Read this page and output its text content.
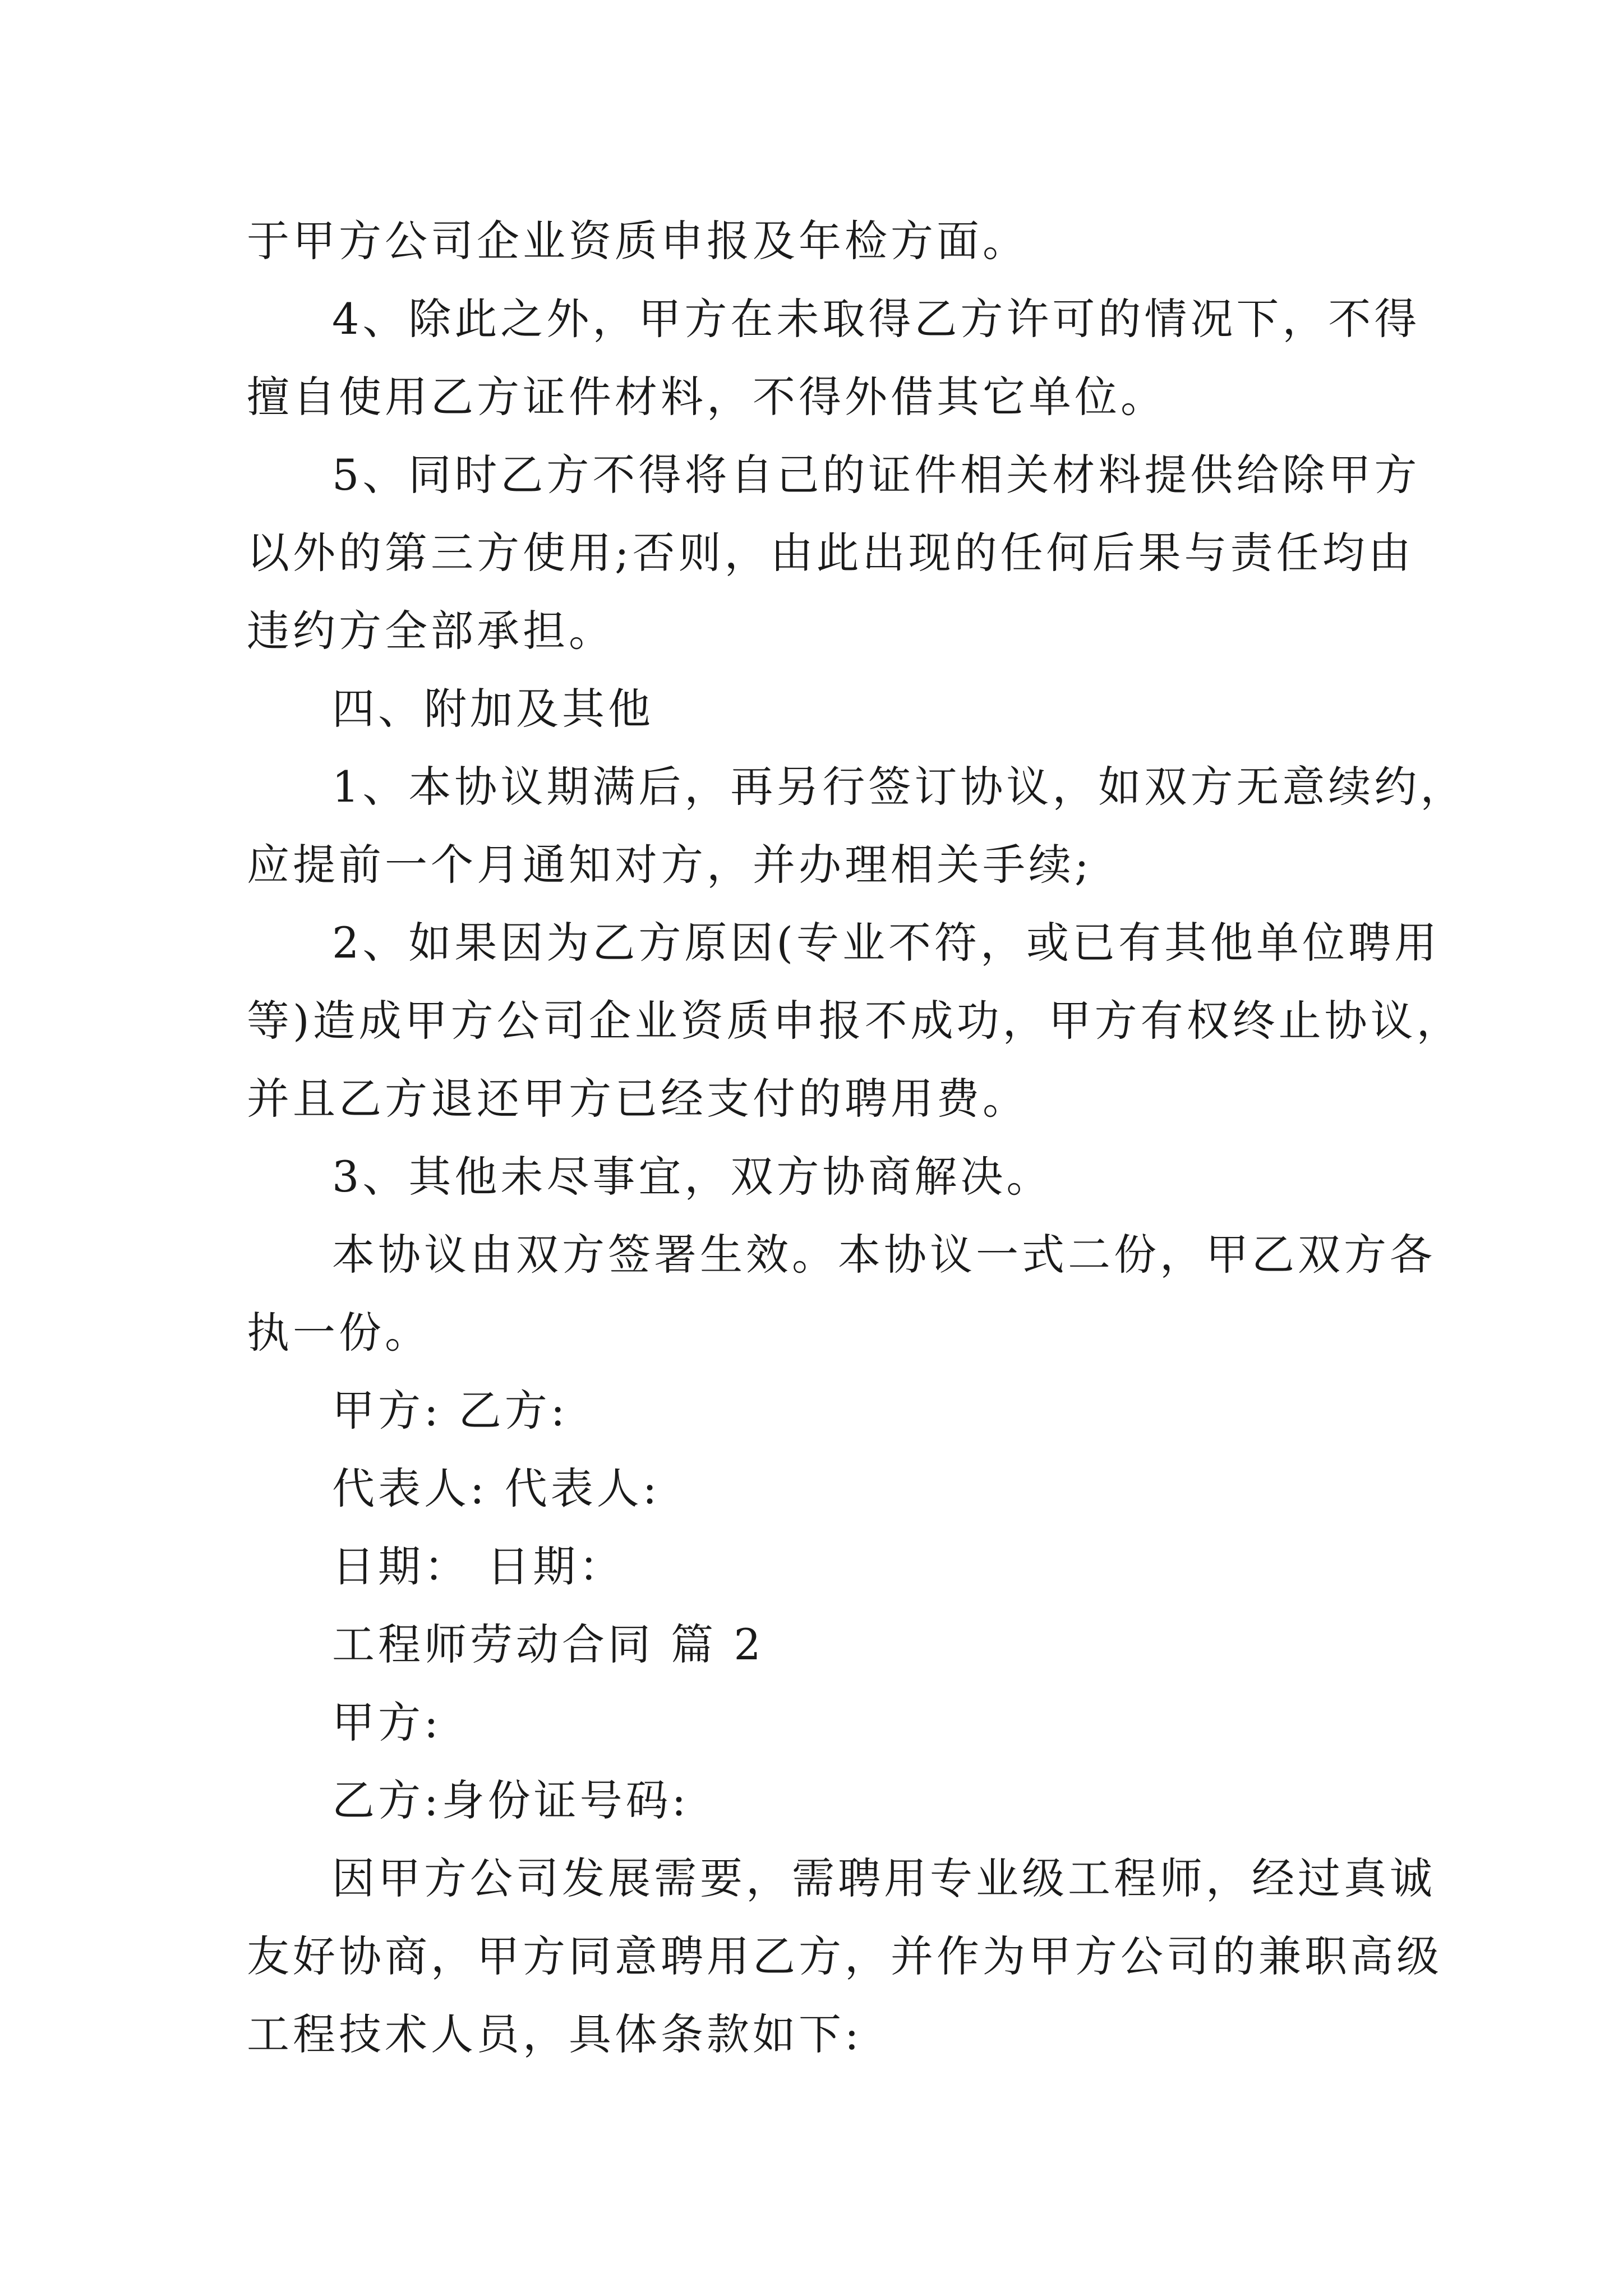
于甲方公司企业资质申报及年检方面。
4、除此之外，甲方在未取得乙方许可的情况下，不得
擅自使用乙方证件材料，不得外借其它单位。
5、同时乙方不得将自己的证件相关材料提供给除甲方
以外的第三方使用;否则，由此出现的任何后果与责任均由
违约方全部承担。
四、附加及其他
1、本协议期满后，再另行签订协议，如双方无意续约，
应提前一个月通知对方，并办理相关手续;
2、如果因为乙方原因(专业不符，或已有其他单位聘用
等)造成甲方公司企业资质申报不成功，甲方有权终止协议，
并且乙方退还甲方已经支付的聘用费。
3、其他未尽事宜，双方协商解决。
本协议由双方签署生效。本协议一式二份，甲乙双方各
执一份。
甲方: 乙方:
代表人: 代表人:
日期： 日期：
工程师劳动合同 篇 2
甲方:
乙方:身份证号码:
因甲方公司发展需要，需聘用专业级工程师，经过真诚
友好协商，甲方同意聘用乙方，并作为甲方公司的兼职高级
工程技术人员，具体条款如下:
